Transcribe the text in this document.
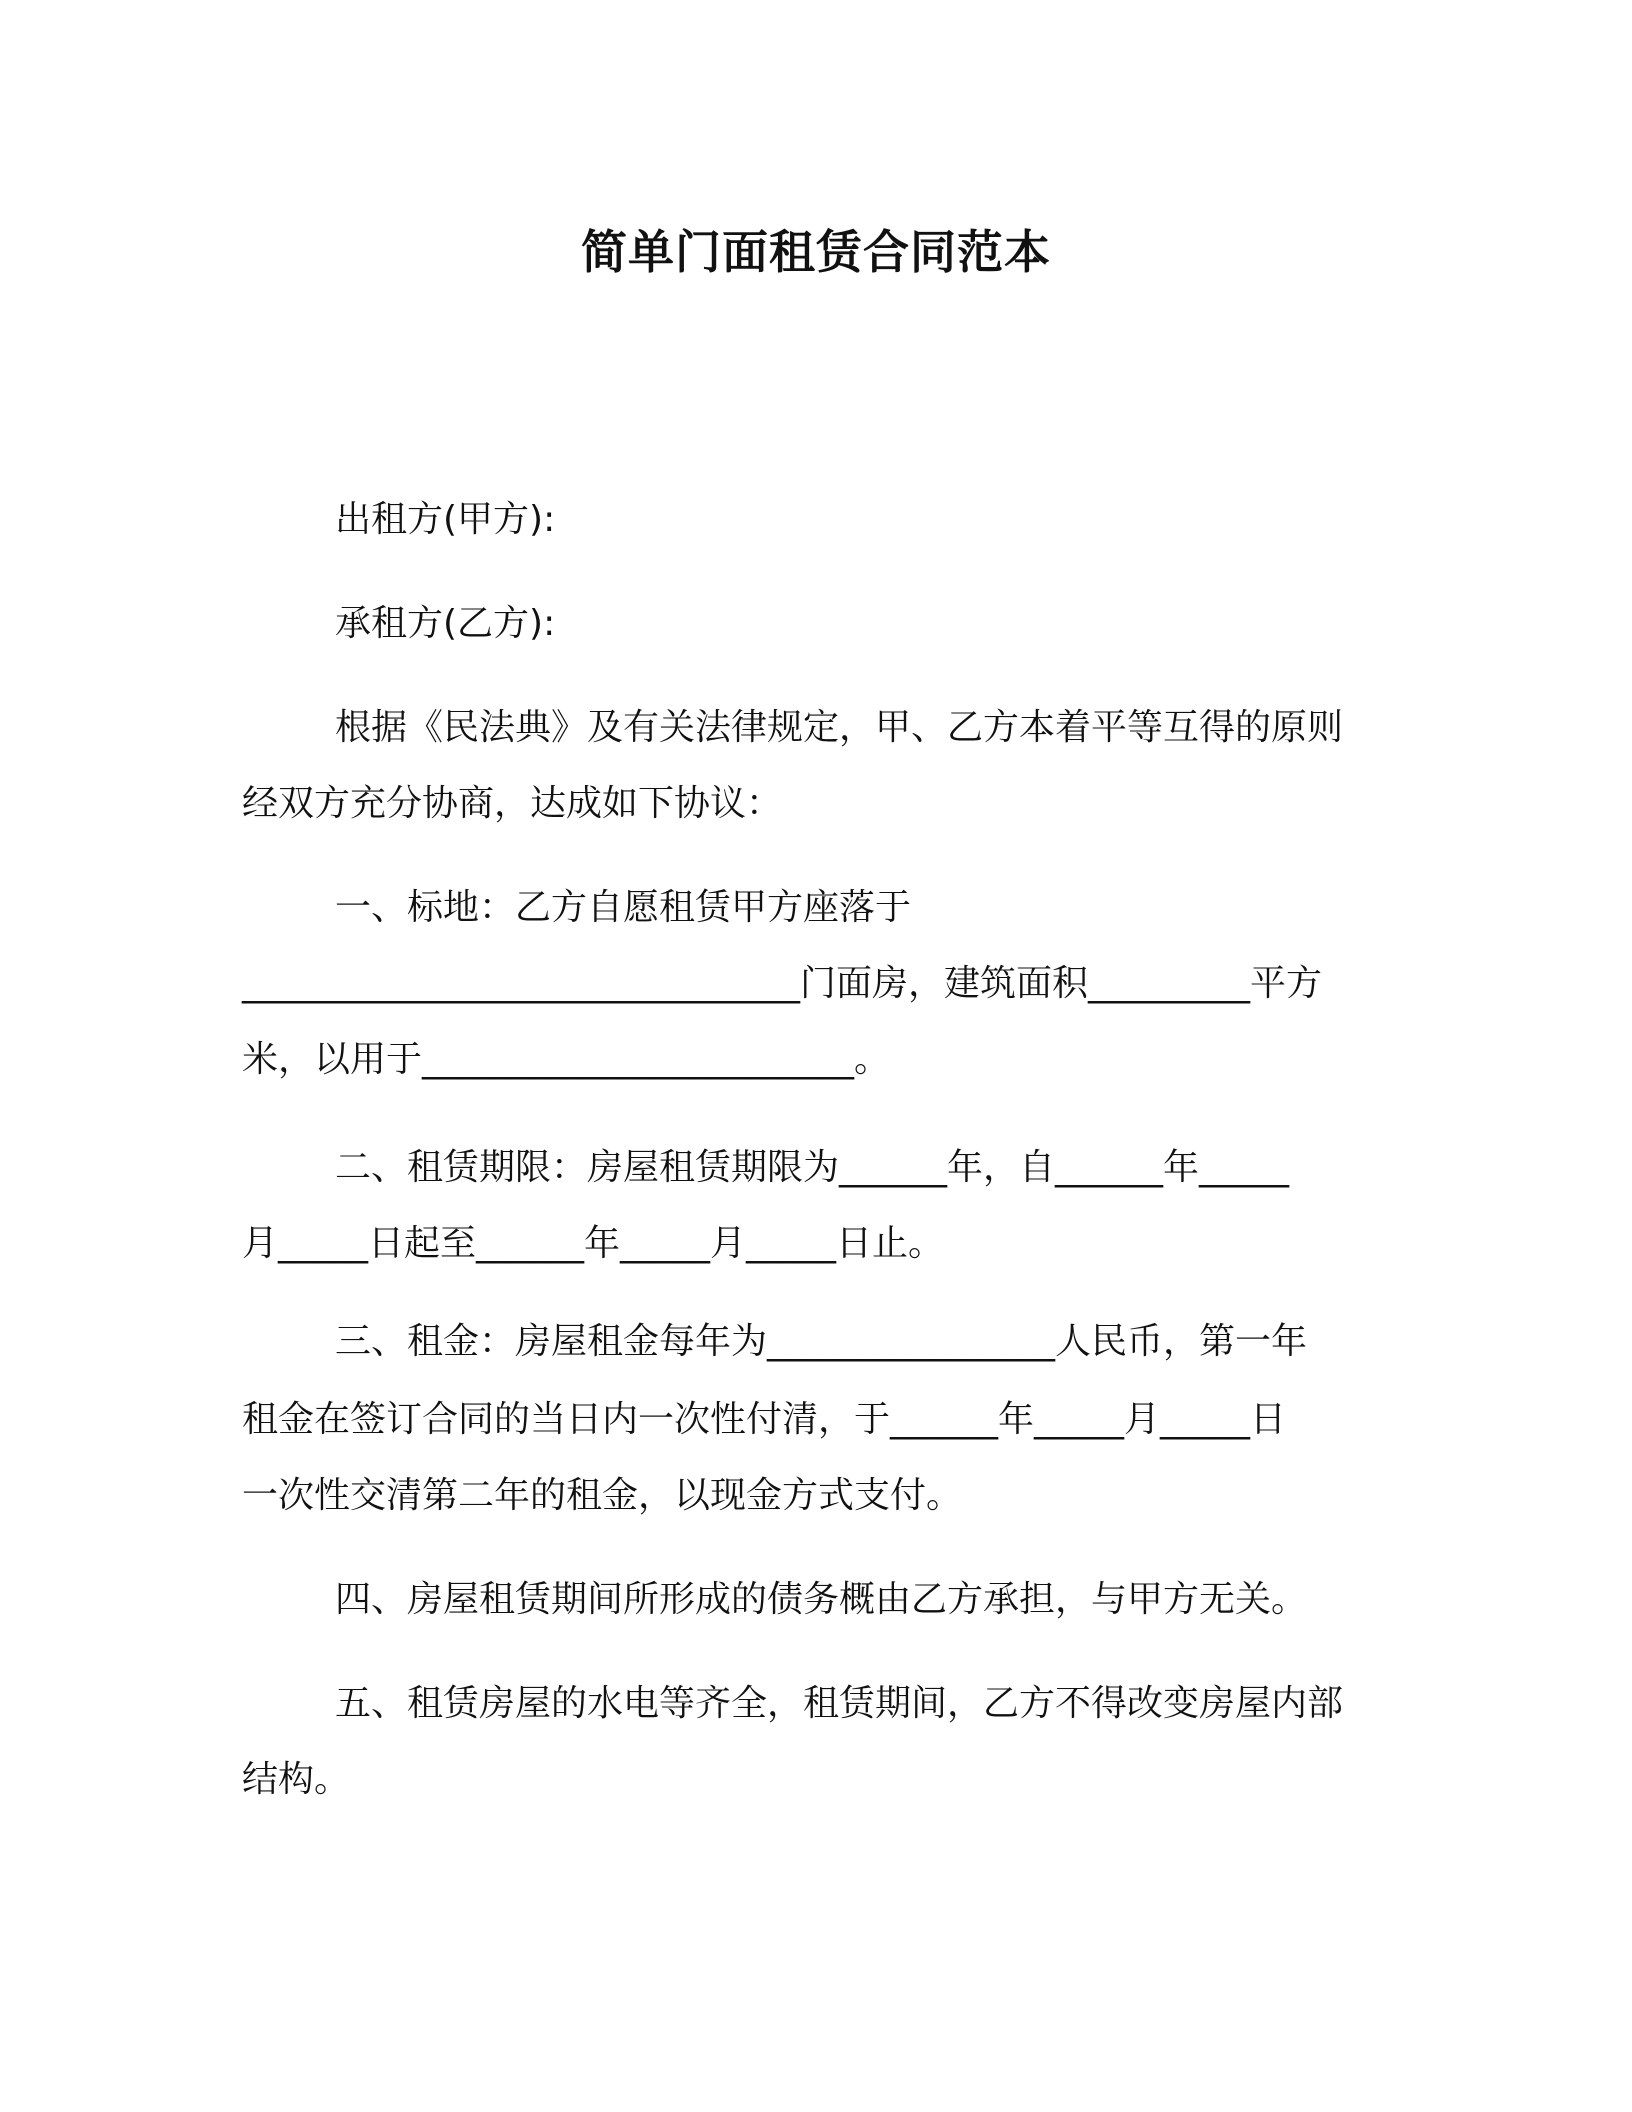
简单门面租赁合同范本
出租方(甲方):
承租方(乙方):
根据《民法典》及有关法律规定，甲、乙方本着平等互得的原则
经双方充分协商，达成如下协议：
一、标地：乙方自愿租赁甲方座落于
_______________________________门面房，建筑面积_________平方
米，以用于________________________。
二、租赁期限：房屋租赁期限为______年，自______年_____
月_____日起至______年_____月_____日止。
三、租金：房屋租金每年为________________人民币，第一年
租金在签订合同的当日内一次性付清，于______年_____月_____日
一次性交清第二年的租金，以现金方式支付。
四、房屋租赁期间所形成的债务概由乙方承担，与甲方无关。
五、租赁房屋的水电等齐全，租赁期间，乙方不得改变房屋内部
结构。
